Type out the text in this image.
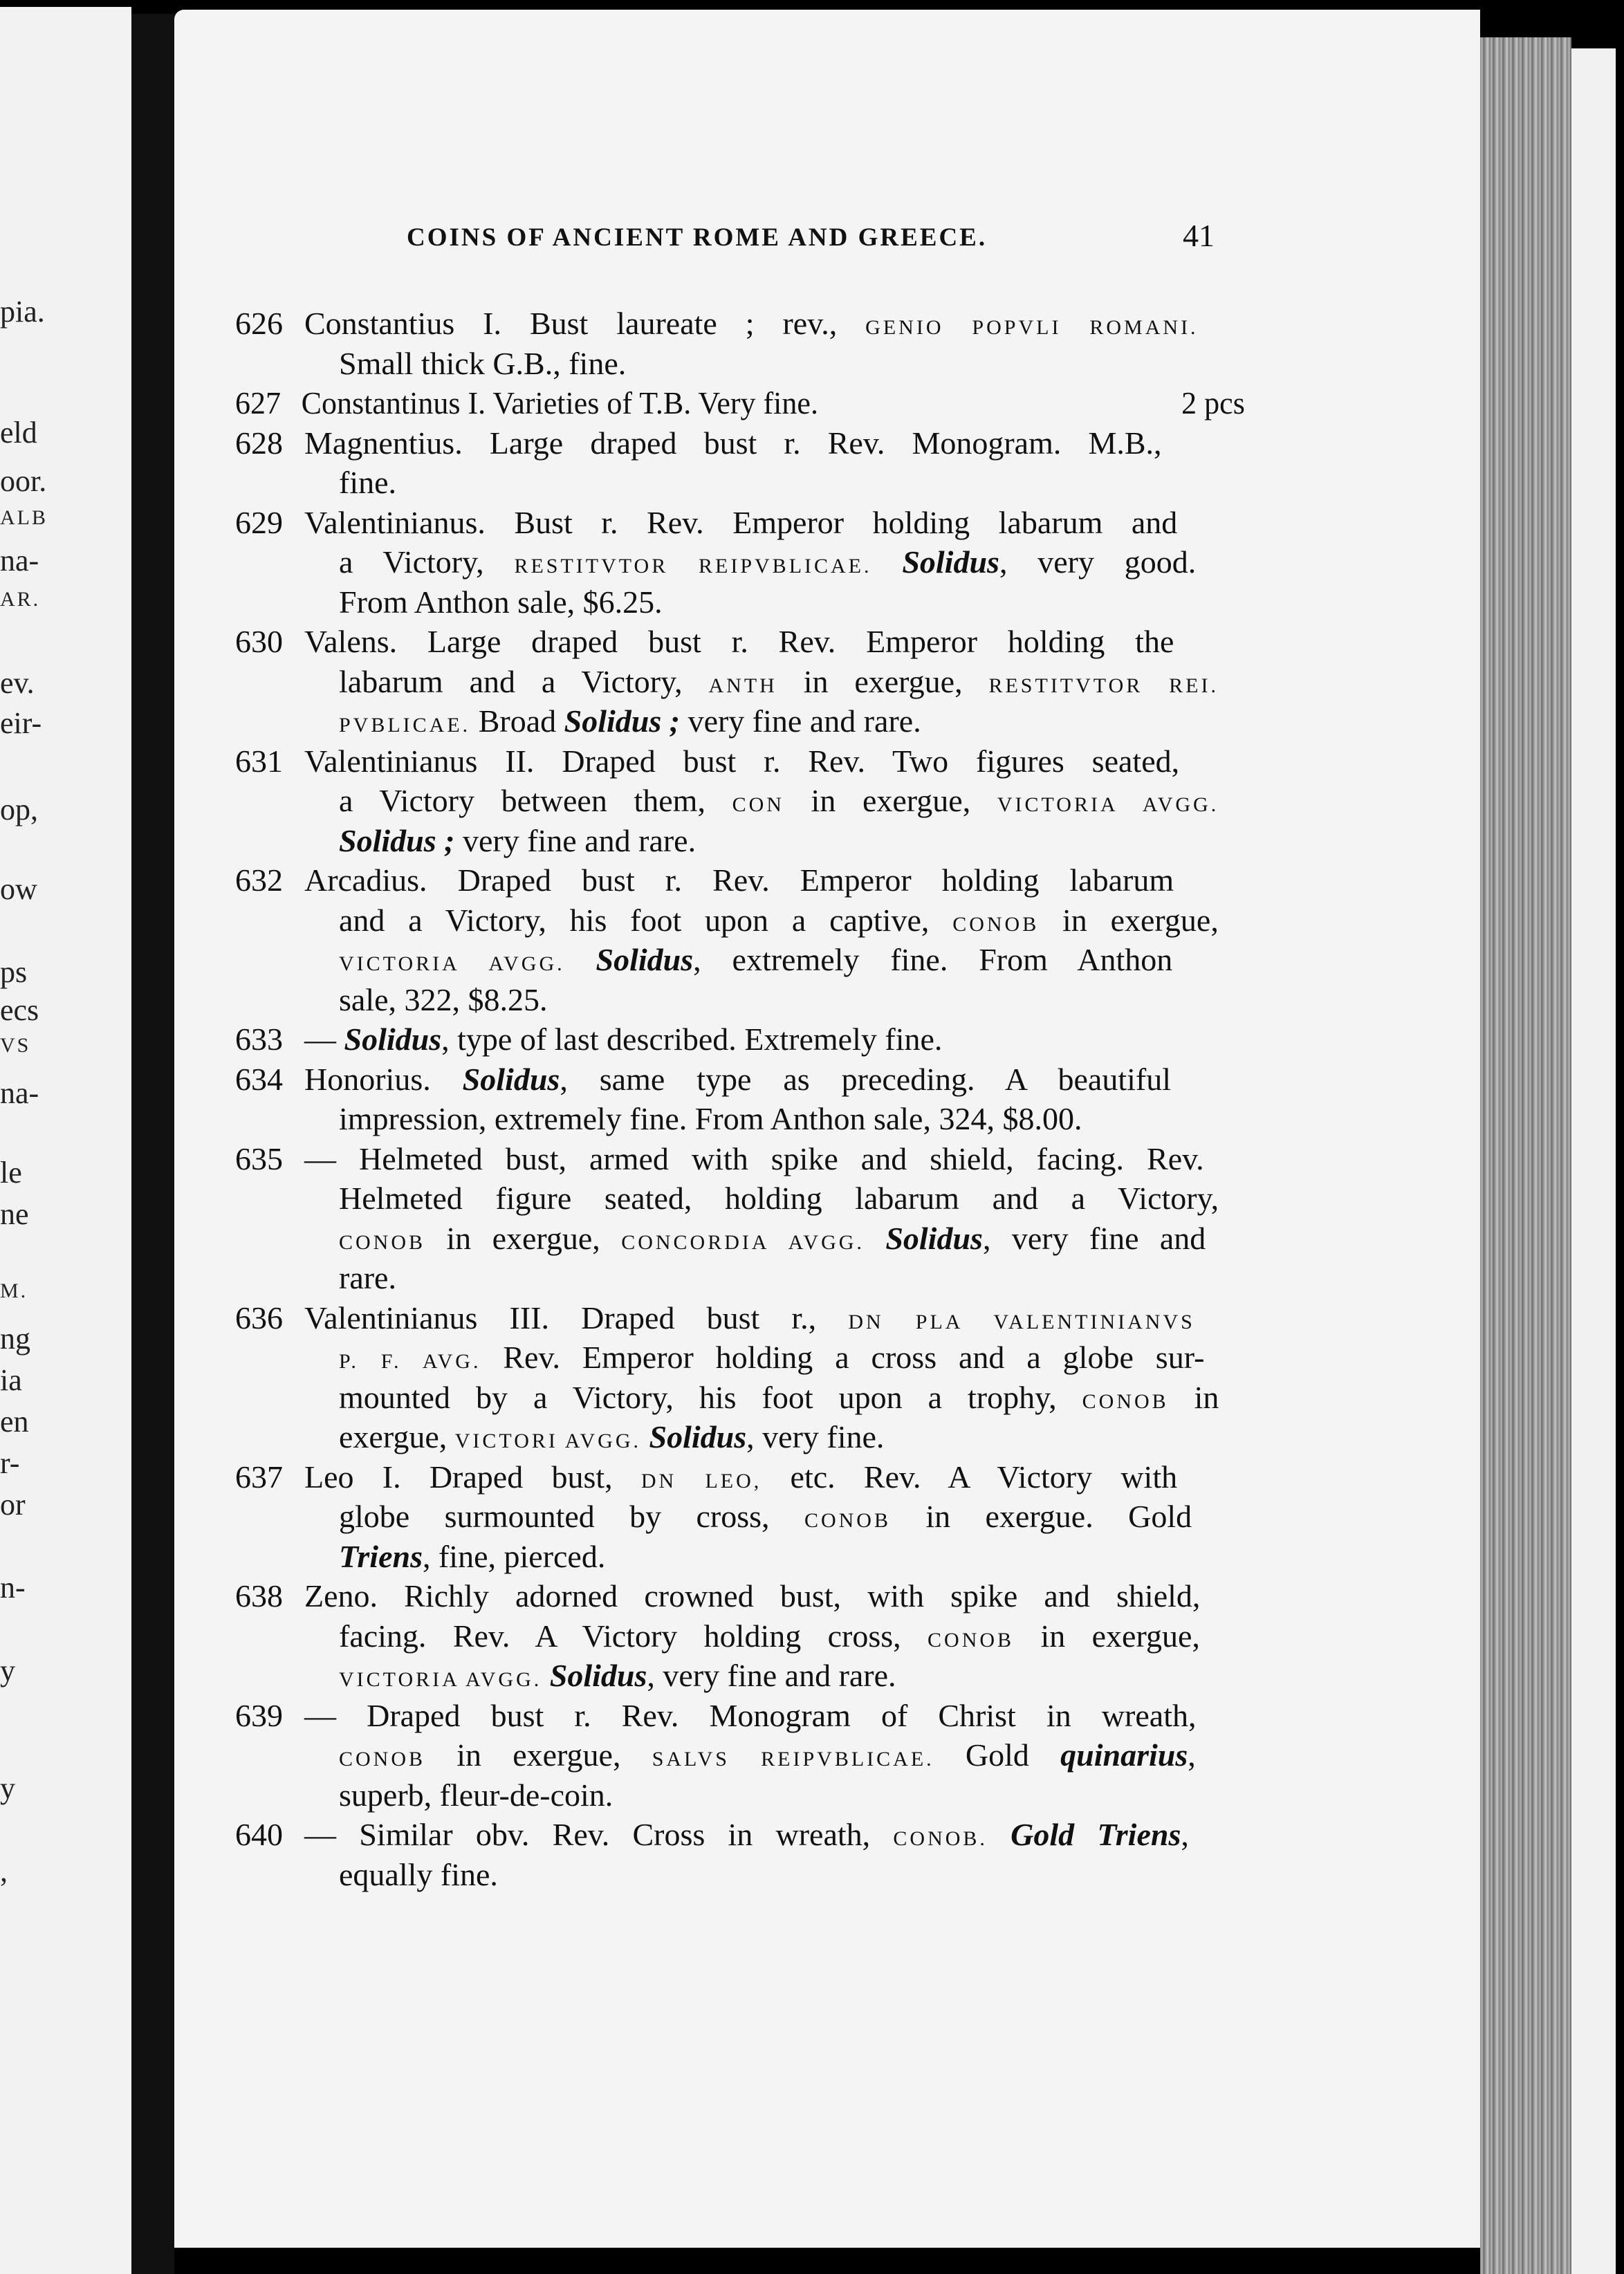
pia.
eld
oor.
ALB
na-
AR.
ev.
eir-
op,
ow
ps
ecs
VS
na-
le
ne
M.
ng
ia
en
r-
or
n-
y
y
,
COINS OF ANCIENT ROME AND GREECE.	41
626 Constantius I. Bust laureate ; rev., GENIO POPVLI ROMANI.
Small thick G.B., fine.
627 Constantinus I. Varieties of T.B. Very fine.	2 pcs
628 Magnentius. Large draped bust r. Rev. Monogram. M.B.,
fine.
629 Valentinianus. Bust r. Rev. Emperor holding labarum and
a Victory, RESTITVTOR REIPVBLICAE. Solidus, very good.
From Anthon sale, $6.25.
630 Valens. Large draped bust r. Rev. Emperor holding the
labarum and a Victory, ANTH in exergue, RESTITVTOR REI.
PVBLICAE. Broad Solidus ; very fine and rare.
631 Valentinianus II. Draped bust r. Rev. Two figures seated,
a Victory between them, CON in exergue, VICTORIA AVGG.
Solidus ; very fine and rare.
632 Arcadius. Draped bust r. Rev. Emperor holding labarum
and a Victory, his foot upon a captive, CONOB in exergue,
VICTORIA AVGG. Solidus, extremely fine. From Anthon
sale, 322, $8.25.
633 — Solidus, type of last described. Extremely fine.
634 Honorius. Solidus, same type as preceding. A beautiful
impression, extremely fine. From Anthon sale, 324, $8.00.
635 — Helmeted bust, armed with spike and shield, facing. Rev.
Helmeted figure seated, holding labarum and a Victory,
CONOB in exergue, CONCORDIA AVGG. Solidus, very fine and
rare.
636 Valentinianus III. Draped bust r., DN PLA VALENTINIANVS
P. F. AVG. Rev. Emperor holding a cross and a globe sur-
mounted by a Victory, his foot upon a trophy, CONOB in
exergue, VICTORI AVGG. Solidus, very fine.
637 Leo I. Draped bust, DN LEO, etc. Rev. A Victory with
globe surmounted by cross, CONOB in exergue. Gold
Triens, fine, pierced.
638 Zeno. Richly adorned crowned bust, with spike and shield,
facing. Rev. A Victory holding cross, CONOB in exergue,
VICTORIA AVGG. Solidus, very fine and rare.
639 — Draped bust r. Rev. Monogram of Christ in wreath,
CONOB in exergue, SALVS REIPVBLICAE. Gold quinarius,
superb, fleur-de-coin.
640 — Similar obv. Rev. Cross in wreath, CONOB. Gold Triens,
equally fine.
